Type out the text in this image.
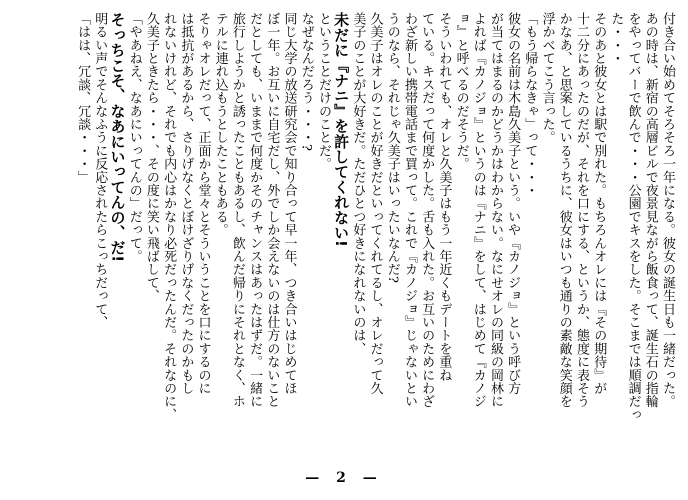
付き合い始めてそろそろ一年になる。彼女の誕生日も一緒だった。
あの時は、新宿の高層ビルで夜景見ながら飯食って、誕生石の指輪
をやってバーで飲んで・・・公園でキスをした。そこまでは順調だっ
た・・・
そのあと彼女とは駅で別れた。もちろんオレには『その期待』が
十二分にあったのだが、それを口にする、というか、態度に表そう
かなあ、と思案しているうちに、彼女はいつも通りの素敵な笑顔を
浮かべてこう言った。
「もう帰らなきゃ」って・・・
彼女の名前は木島久美子という。いや『カノジョ』という呼び方
が当てはまるのかどうかはわからない。なにせオレの同級の岡林に
よれば『カノジョ』というのは『ナニ』をして、はじめて『カノジ
ョ』と呼べるのだそうだ。
そういわれても、オレと久美子はもう一年近くもデートを重ね
ている。キスだって何度かした。舌も入れた。お互いのためにわざ
わざ新しい携帯電話まで買って。これで『カノジョ』じゃないとい
うのなら、それじゃ久美子はいったいなんだ?
久美子はオレのことが好きだといってくれてるし、オレだって久
美子のことが大好きだ。ただひとつ好きになれないのは、
未だに『ナニ』を許してくれない!
ということだけのことだ。
なぜなんだろう・・・?
同じ大学の放送研究会で知り合って早一年、つき合いはじめてほ
ぼ一年。お互いに自宅だし、外でしか会えないのは仕方のないこと
だとしても、いままで何度かそのチャンスはあったはずだ。一緒に
旅行しようかと誘ったこともあるし、飲んだ帰りにそれとなく、ホ
テルに連れ込もうとしたこともある。
そりゃオレだって、正面から堂々とそういうことを口にするのに
は抵抗があるから、さりげなくとぼけざりげなくだったのかもし
れないけれど、それでも内心はかなり必死だったんだ。それなのに、
久美子ときたら・・・、その度に笑い飛ばして、
「やあねえ、なあにいってんの」だって。
そっちこそ、なあにいってんの、だ!
明るい声でそんなふうに反応されたらこっちだって、
「はは、冗談、冗談・・・」
— 2 —
